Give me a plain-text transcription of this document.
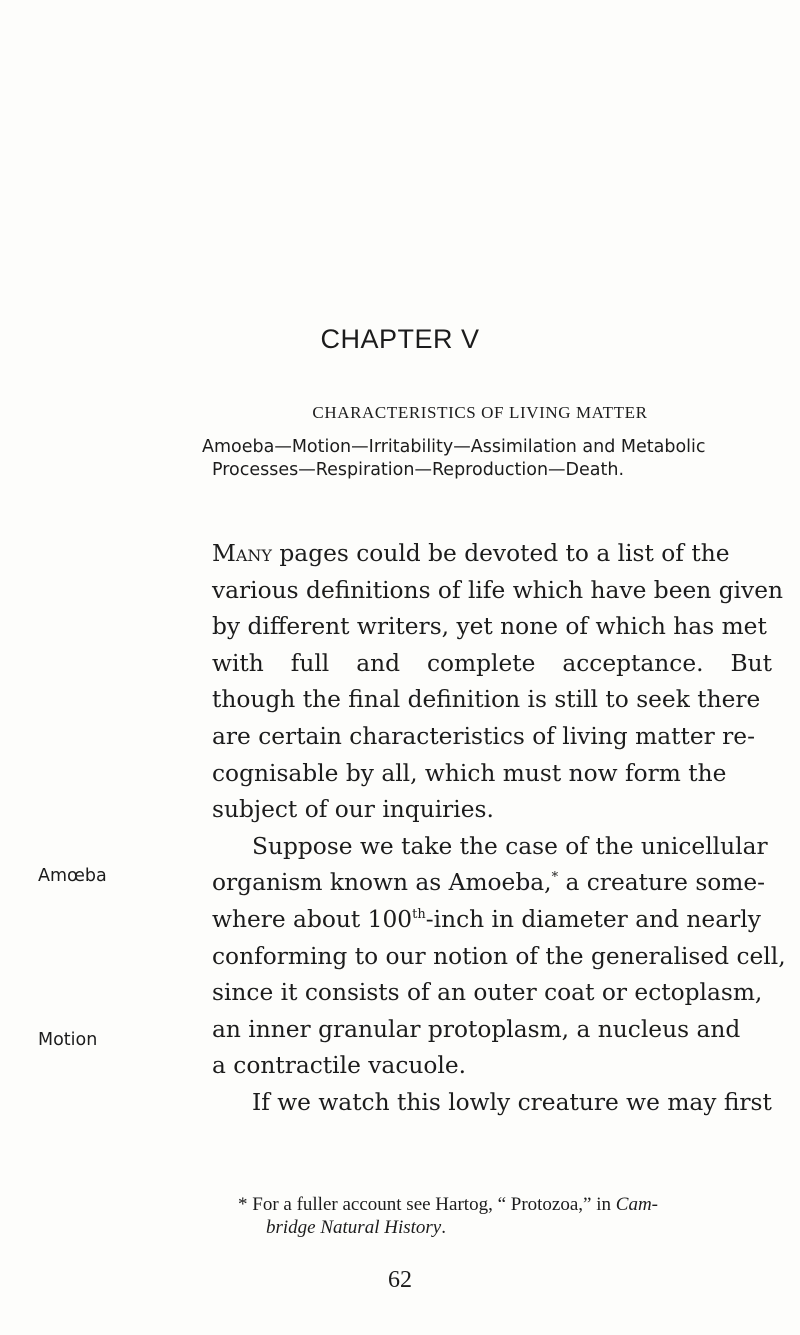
CHAPTER V
CHARACTERISTICS OF LIVING MATTER
Amoeba—Motion—Irritability—Assimilation and Metabolic
Processes—Respiration—Reproduction—Death.
Many pages could be devoted to a list of the
various definitions of life which have been given
by different writers, yet none of which has met
with full and complete acceptance. But
though the final definition is still to seek there
are certain characteristics of living matter re-
cognisable by all, which must now form the
subject of our inquiries.
Suppose we take the case of the unicellular
organism known as Amoeba,* a creature some-
where about 100th-inch in diameter and nearly
conforming to our notion of the generalised cell,
since it consists of an outer coat or ectoplasm,
an inner granular protoplasm, a nucleus and
a contractile vacuole.
If we watch this lowly creature we may first
Amœba
Motion
* For a fuller account see Hartog, “ Protozoa,” in Cam-
bridge Natural History.
62
